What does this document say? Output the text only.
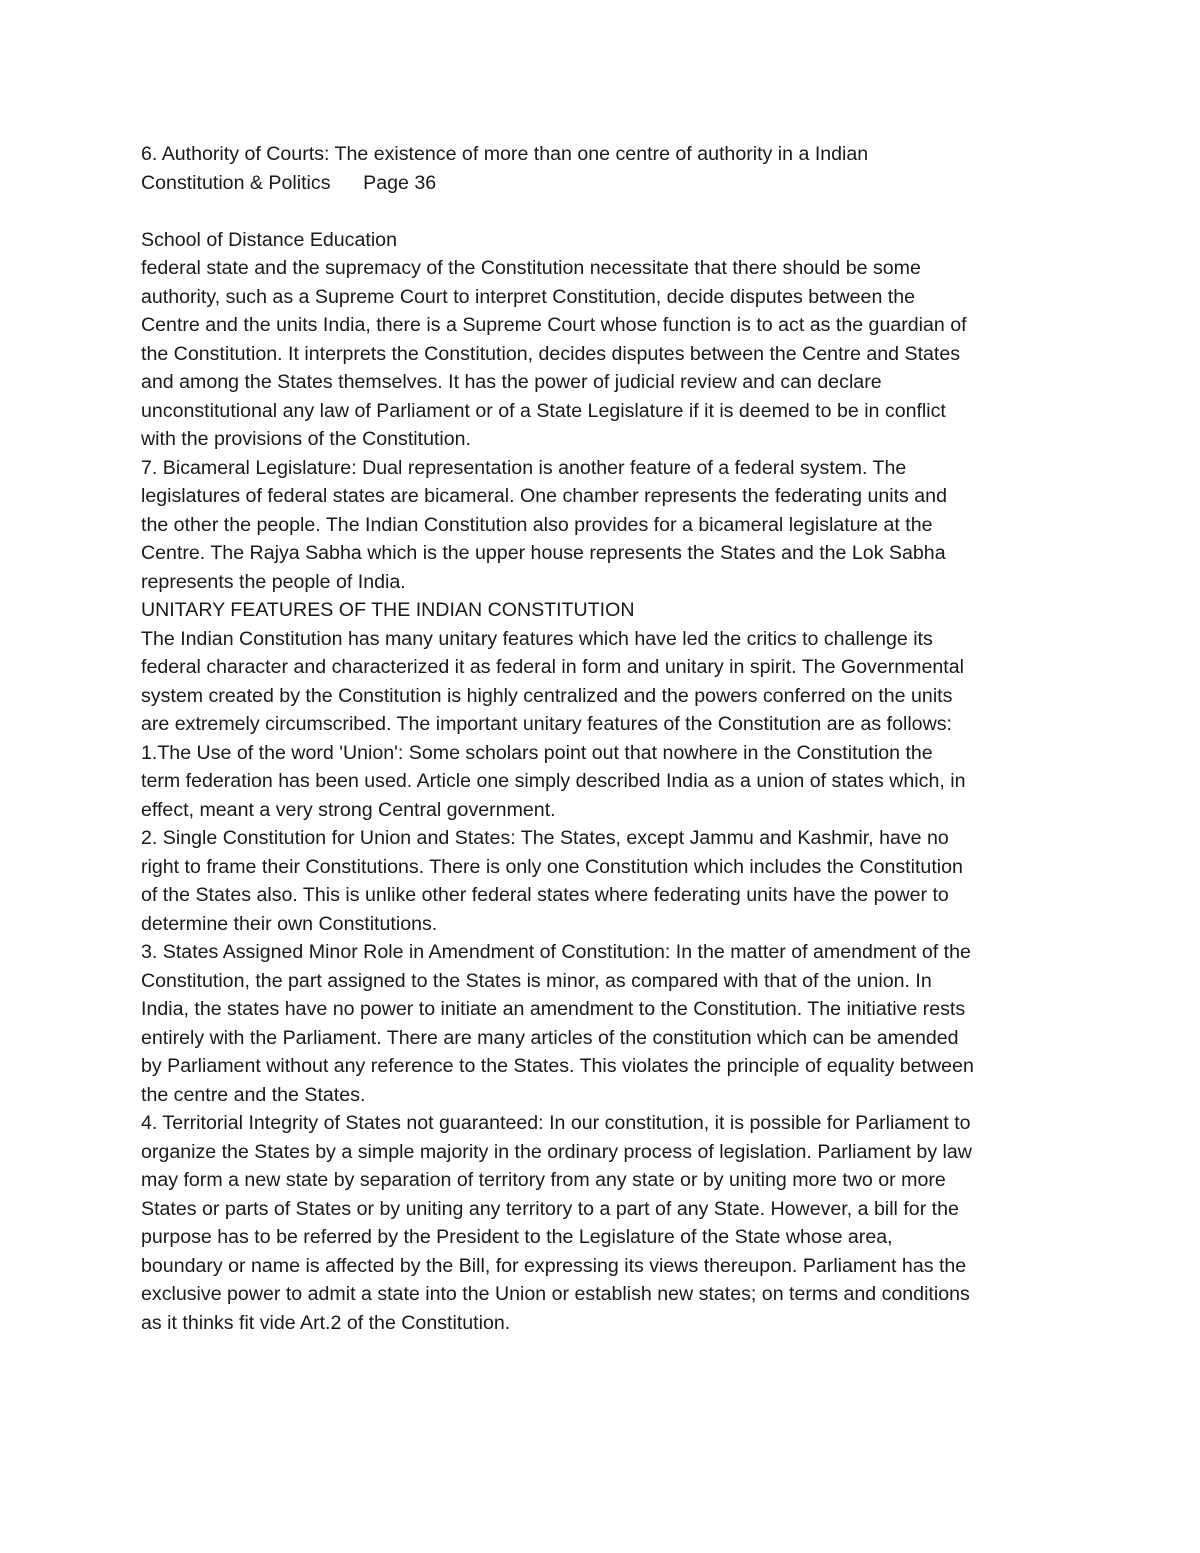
6. Authority of Courts: The existence of more than one centre of authority in a Indian
Constitution & Politics      Page 36
School of Distance Education
federal state and the supremacy of the Constitution necessitate that there should be some
authority, such as a Supreme Court to interpret Constitution, decide disputes between the
Centre and the units India, there is a Supreme Court whose function is to act as the guardian of
the Constitution. It interprets the Constitution, decides disputes between the Centre and States
and among the States themselves. It has the power of judicial review and can declare
unconstitutional any law of Parliament or of a State Legislature if it is deemed to be in conflict
with the provisions of the Constitution.
7. Bicameral Legislature: Dual representation is another feature of a federal system. The
legislatures of federal states are bicameral. One chamber represents the federating units and
the other the people. The Indian Constitution also provides for a bicameral legislature at the
Centre. The Rajya Sabha which is the upper house represents the States and the Lok Sabha
represents the people of India.
UNITARY FEATURES OF THE INDIAN CONSTITUTION
The Indian Constitution has many unitary features which have led the critics to challenge its
federal character and characterized it as federal in form and unitary in spirit. The Governmental
system created by the Constitution is highly centralized and the powers conferred on the units
are extremely circumscribed. The important unitary features of the Constitution are as follows:
1.The Use of the word 'Union': Some scholars point out that nowhere in the Constitution the
term federation has been used. Article one simply described India as a union of states which, in
effect, meant a very strong Central government.
2. Single Constitution for Union and States: The States, except Jammu and Kashmir, have no
right to frame their Constitutions. There is only one Constitution which includes the Constitution
of the States also. This is unlike other federal states where federating units have the power to
determine their own Constitutions.
3. States Assigned Minor Role in Amendment of Constitution: In the matter of amendment of the
Constitution, the part assigned to the States is minor, as compared with that of the union. In
India, the states have no power to initiate an amendment to the Constitution. The initiative rests
entirely with the Parliament. There are many articles of the constitution which can be amended
by Parliament without any reference to the States. This violates the principle of equality between
the centre and the States.
4. Territorial Integrity of States not guaranteed: In our constitution, it is possible for Parliament to
organize the States by a simple majority in the ordinary process of legislation. Parliament by law
may form a new state by separation of territory from any state or by uniting more two or more
States or parts of States or by uniting any territory to a part of any State. However, a bill for the
purpose has to be referred by the President to the Legislature of the State whose area,
boundary or name is affected by the Bill, for expressing its views thereupon. Parliament has the
exclusive power to admit a state into the Union or establish new states; on terms and conditions
as it thinks fit vide Art.2 of the Constitution.
